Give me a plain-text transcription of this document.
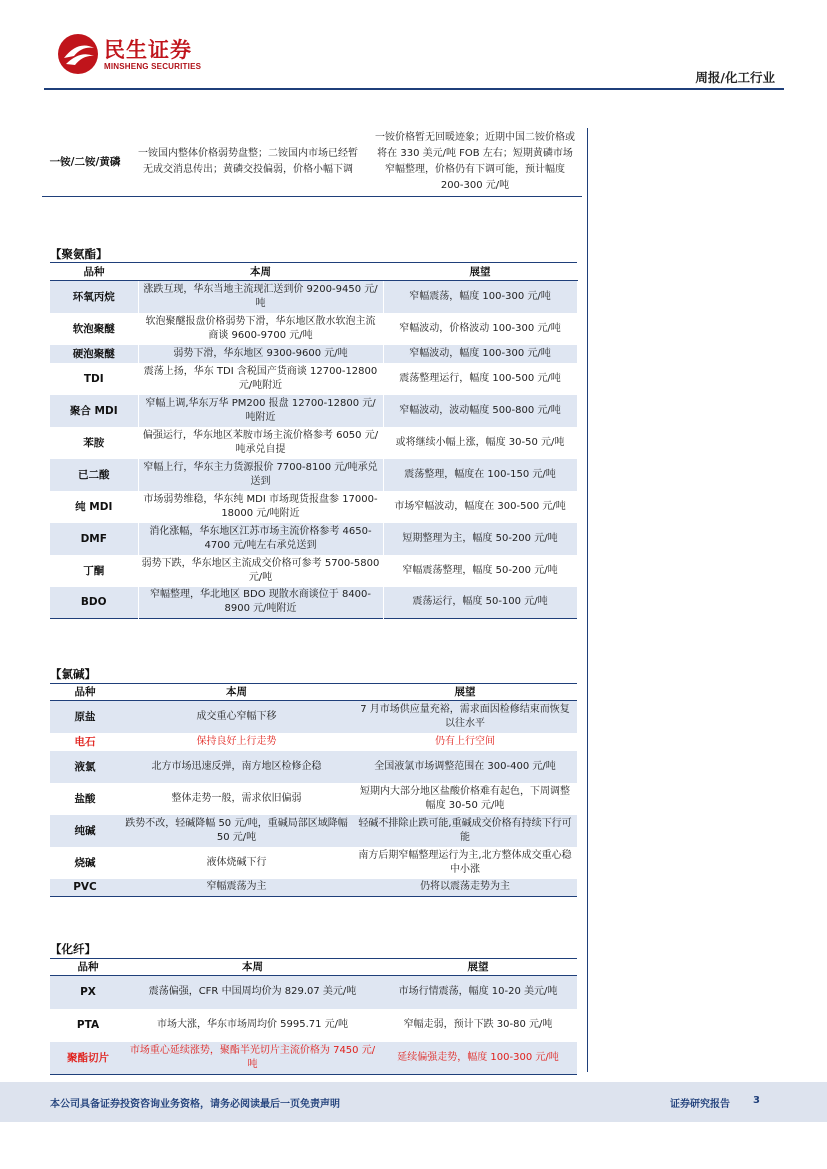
民生证券
MINSHENG SECURITIES
周报/化工行业
一铵/二铵/黄磷	一铵国内整体价格弱势盘整；二铵国内市场已经暂无成交消息传出；黄磷交投偏弱，价格小幅下调	一铵价格暂无回暖迹象；近期中国二铵价格或将在 330 美元/吨 FOB 左右；短期黄磷市场窄幅整理，价格仍有下调可能，预计幅度 200-300 元/吨
【聚氨酯】
品种	本周	展望
环氧丙烷	涨跌互现，华东当地主流现汇送到价 9200-9450 元/吨	窄幅震荡，幅度 100-300 元/吨
软泡聚醚	软泡聚醚报盘价格弱势下滑，华东地区散水软泡主流商谈 9600-9700 元/吨	窄幅波动，价格波动 100-300 元/吨
硬泡聚醚	弱势下滑，华东地区 9300-9600 元/吨	窄幅波动，幅度 100-300 元/吨
TDI	震荡上扬，华东 TDI 含税国产货商谈 12700-12800 元/吨附近	震荡整理运行，幅度 100-500 元/吨
聚合 MDI	窄幅上调,华东万华 PM200 报盘 12700-12800 元/吨附近	窄幅波动，波动幅度 500-800 元/吨
苯胺	偏强运行，华东地区苯胺市场主流价格参考 6050 元/吨承兑自提	或将继续小幅上涨，幅度 30-50 元/吨
已二酸	窄幅上行，华东主力货源报价 7700-8100 元/吨承兑送到	震荡整理，幅度在 100-150 元/吨
纯 MDI	市场弱势维稳，华东纯 MDI 市场现货报盘参 17000-18000 元/吨附近	市场窄幅波动，幅度在 300-500 元/吨
DMF	消化涨幅，华东地区江苏市场主流价格参考 4650-4700 元/吨左右承兑送到	短期整理为主，幅度 50-200 元/吨
丁酮	弱势下跌，华东地区主流成交价格可参考 5700-5800 元/吨	窄幅震荡整理，幅度 50-200 元/吨
BDO	窄幅整理，华北地区 BDO 现散水商谈位于 8400-8900 元/吨附近	震荡运行，幅度 50-100 元/吨
【氯碱】
品种	本周	展望
原盐	成交重心窄幅下移	7 月市场供应量充裕，需求面因检修结束而恢复以往水平
电石	保持良好上行走势	仍有上行空间
液氯	北方市场迅速反弹，南方地区检修企稳	全国液氯市场调整范围在 300-400 元/吨
盐酸	整体走势一般，需求依旧偏弱	短期内大部分地区盐酸价格难有起色，下周调整幅度 30-50 元/吨
纯碱	跌势不改，轻碱降幅 50 元/吨，重碱局部区域降幅 50 元/吨	轻碱不排除止跌可能,重碱成交价格有持续下行可能
烧碱	液体烧碱下行	南方后期窄幅整理运行为主,北方整体成交重心稳中小涨
PVC	窄幅震荡为主	仍将以震荡走势为主
【化纤】
品种	本周	展望
PX	震荡偏强，CFR 中国周均价为 829.07 美元/吨	市场行情震荡，幅度 10-20 美元/吨
PTA	市场大涨，华东市场周均价 5995.71 元/吨	窄幅走弱，预计下跌 30-80 元/吨
聚酯切片	市场重心延续涨势，聚酯半光切片主流价格为 7450 元/吨	延续偏强走势，幅度 100-300 元/吨
本公司具备证券投资咨询业务资格，请务必阅读最后一页免责声明	证券研究报告 3
